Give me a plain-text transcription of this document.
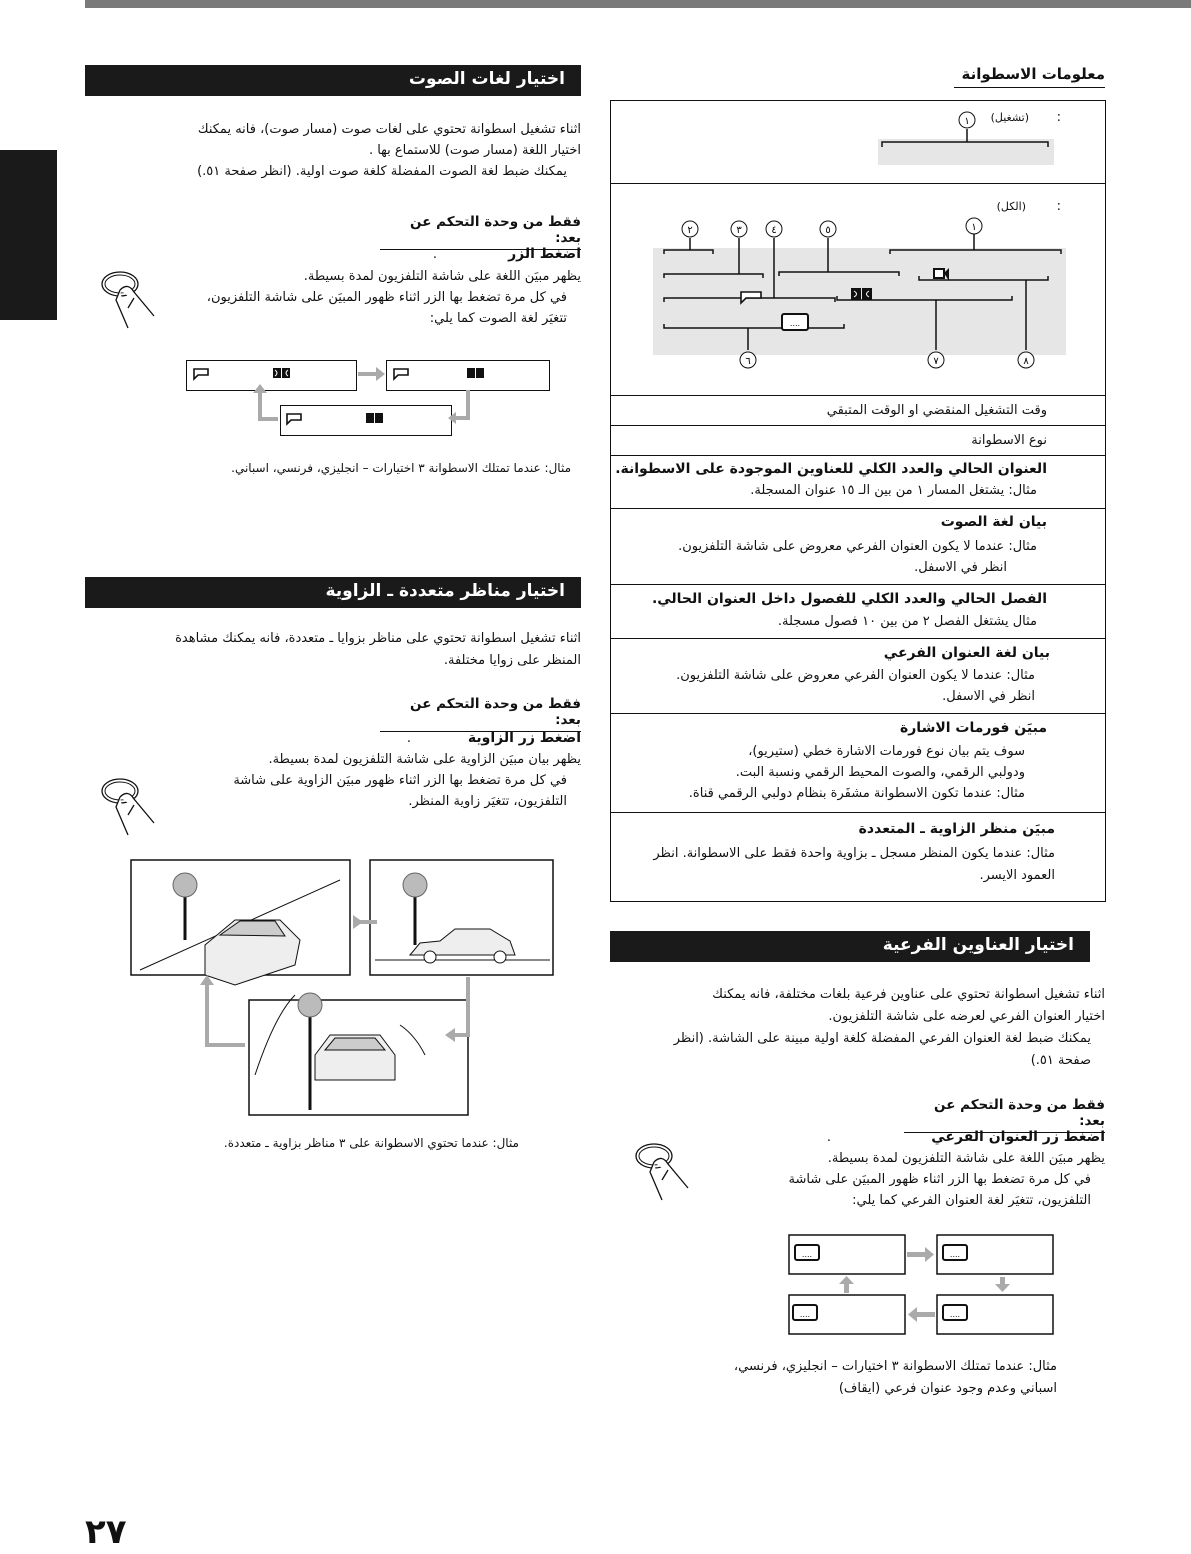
اختيار لغات الصوت
اثناء تشغيل اسطوانة تحتوي على لغات صوت (مسار صوت)، فانه يمكنك
اختيار اللغة (مسار صوت) للاستماع بها .
يمكنك ضبط لغة الصوت المفضلة كلغة صوت اولية. (انظر صفحة ٥١.)
فقط من وحدة التحكم عن بعد:
اضغط الزر
.
يظهر مبيَن اللغة على شاشة التلفزيون لمدة بسيطة.
في كل مرة تضغط بها الزر اثناء ظهور المبيَن على شاشة التلفزيون،
تتغيَر لغة الصوت كما يلي:
مثال: عندما تمتلك الاسطوانة ٣ اختيارات – انجليزي، فرنسي، اسباني.
اختيار مناظر متعددة ـ الزاوية
اثناء تشغيل اسطوانة تحتوي على مناظر بزوايا ـ متعددة، فانه يمكنك مشاهدة
المنظر على زوايا مختلفة.
فقط من وحدة التحكم عن بعد:
اضغط زر الزاوية
.
يظهر بيان مبيَن الزاوية على شاشة التلفزيون لمدة بسيطة.
في كل مرة تضغط بها الزر اثناء ظهور مبيَن الزاوية على شاشة
التلفزيون، تتغيَر زاوية المنظر.
مثال: عندما تحتوي الاسطوانة على ٣ مناظر بزاوية ـ متعددة.
معلومات الاسطوانة
:
(تشغيل)
١
:
(الكل)
....
١
٢	٣	٤	٥
٦	٧	٨
وقت التشغيل المنقضي او الوقت المتبقي
نوع الاسطوانة
العنوان الحالي والعدد الكلي للعناوين الموجودة على الاسطوانة.
مثال: يشتغل المسار ١ من بين الـ ١٥ عنوان المسجلة.
بيان لغة الصوت
مثال: عندما لا يكون العنوان الفرعي معروض على شاشة التلفزيون.
انظر في الاسفل.
الفصل الحالي والعدد الكلي للفصول داخل العنوان الحالي.
مثال يشتغل الفصل ٢ من بين ١٠ فصول مسجلة.
بيان لغة العنوان الفرعي
مثال: عندما لا يكون العنوان الفرعي معروض على شاشة التلفزيون.
انظر في الاسفل.
مبيَن فورمات الاشارة
سوف يتم بيان نوع فورمات الاشارة خطي (ستيريو)،
ودولبي الرقمي، والصوت المحيط الرقمي ونسبة البت.
مثال: عندما تكون الاسطوانة مشفَرة بنظام دولبي الرقمي قناة.
مبيَن منظر الزاوية ـ المتعددة
مثال: عندما يكون المنظر مسجل ـ بزاوية واحدة فقط على الاسطوانة. انظر
العمود الايسر.
اختيار العناوين الفرعية
اثناء تشغيل اسطوانة تحتوي على عناوين فرعية بلغات مختلفة، فانه يمكنك
اختيار العنوان الفرعي لعرضه على شاشة التلفزيون.
يمكنك ضبط لغة العنوان الفرعي المفضلة كلغة اولية مبينة على الشاشة. (انظر
صفحة ٥١.)
فقط من وحدة التحكم عن بعد:
اضغط زر العنوان الفرعي
.
يظهر مبيَن اللغة على شاشة التلفزيون لمدة بسيطة.
في كل مرة تضغط بها الزر اثناء ظهور المبيَن على شاشة
التلفزيون، تتغيَر لغة العنوان الفرعي كما يلي:
....	....
....	....
مثال: عندما تمتلك الاسطوانة ٣ اختيارات – انجليزي، فرنسي،
اسباني وعدم وجود عنوان فرعي (ايقاف)
٢٧
